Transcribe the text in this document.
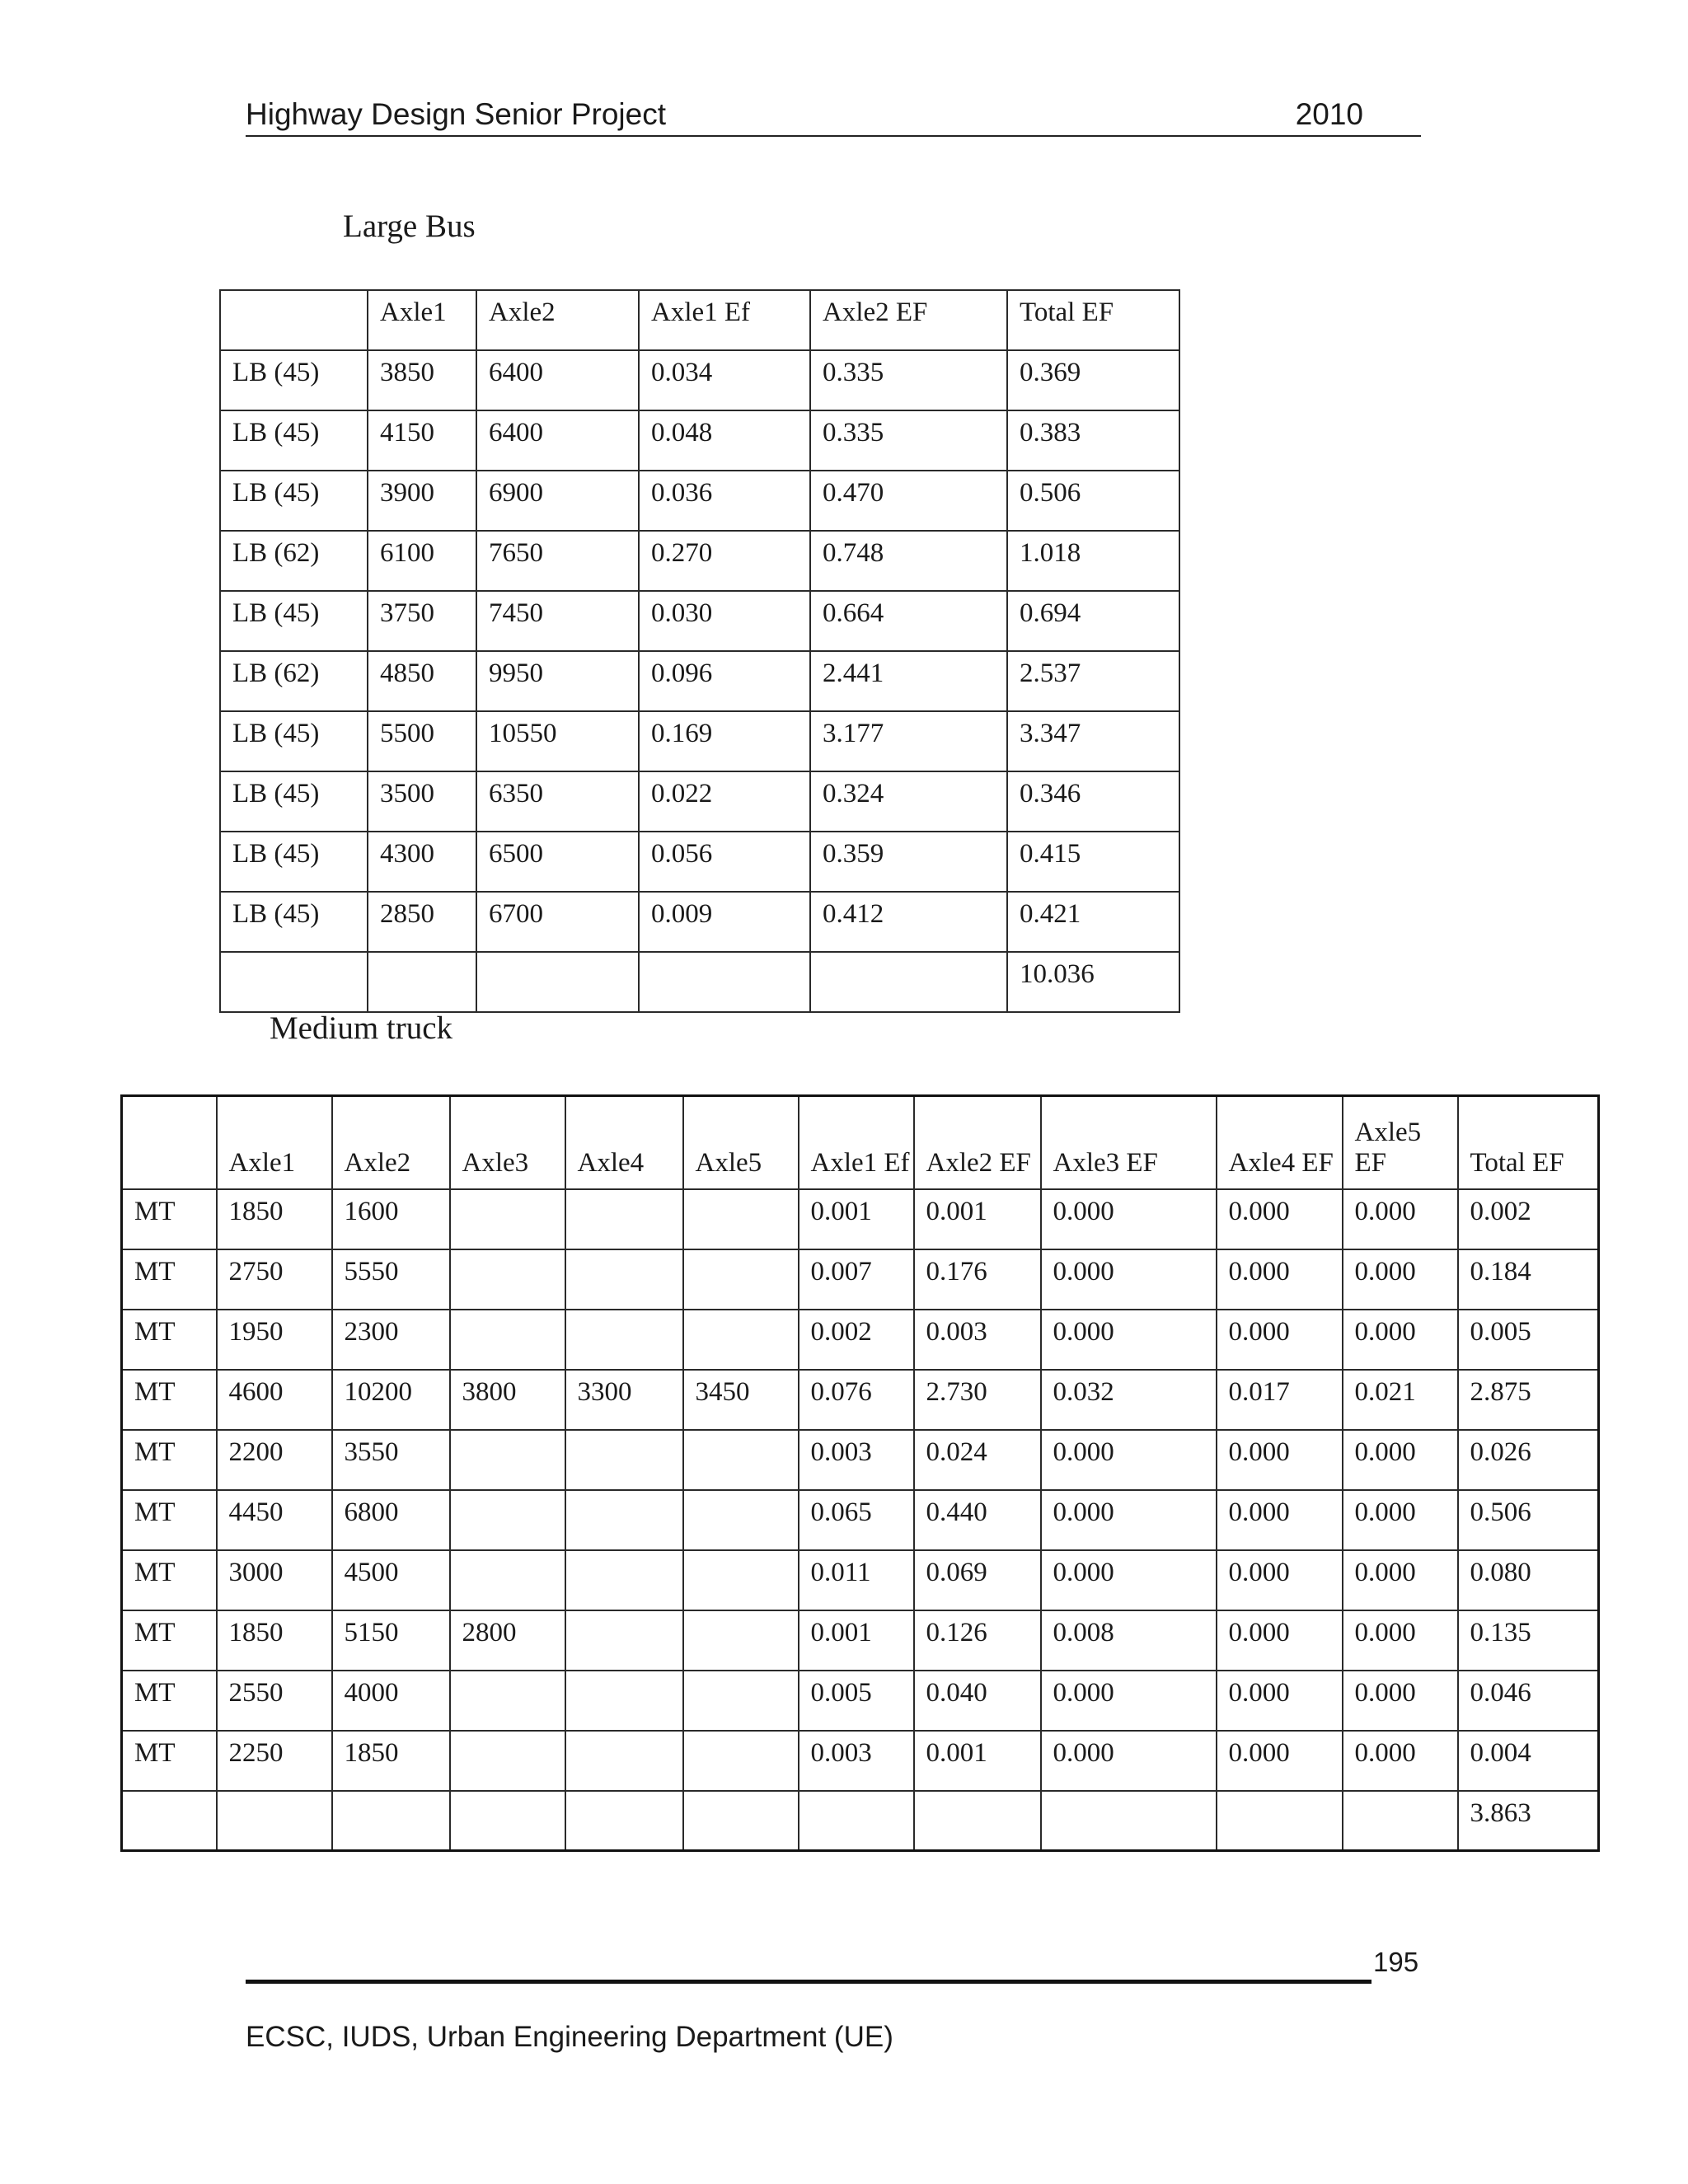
Highway Design Senior Project	2010
Large Bus
	Axle1	Axle2	Axle1 Ef	Axle2 EF	Total EF
LB (45)	3850	6400	0.034	0.335	0.369
LB (45)	4150	6400	0.048	0.335	0.383
LB (45)	3900	6900	0.036	0.470	0.506
LB (62)	6100	7650	0.270	0.748	1.018
LB (45)	3750	7450	0.030	0.664	0.694
LB (62)	4850	9950	0.096	2.441	2.537
LB (45)	5500	10550	0.169	3.177	3.347
LB (45)	3500	6350	0.022	0.324	0.346
LB (45)	4300	6500	0.056	0.359	0.415
LB (45)	2850	6700	0.009	0.412	0.421
					10.036
Medium truck
	Axle1	Axle2	Axle3	Axle4	Axle5	Axle1 Ef	Axle2 EF	Axle3 EF	Axle4 EF	Axle5 EF	Total EF
MT	1850	1600				0.001	0.001	0.000	0.000	0.000	0.002
MT	2750	5550				0.007	0.176	0.000	0.000	0.000	0.184
MT	1950	2300				0.002	0.003	0.000	0.000	0.000	0.005
MT	4600	10200	3800	3300	3450	0.076	2.730	0.032	0.017	0.021	2.875
MT	2200	3550				0.003	0.024	0.000	0.000	0.000	0.026
MT	4450	6800				0.065	0.440	0.000	0.000	0.000	0.506
MT	3000	4500				0.011	0.069	0.000	0.000	0.000	0.080
MT	1850	5150	2800			0.001	0.126	0.008	0.000	0.000	0.135
MT	2550	4000				0.005	0.040	0.000	0.000	0.000	0.046
MT	2250	1850				0.003	0.001	0.000	0.000	0.000	0.004
											3.863
195
ECSC, IUDS, Urban Engineering Department (UE)
